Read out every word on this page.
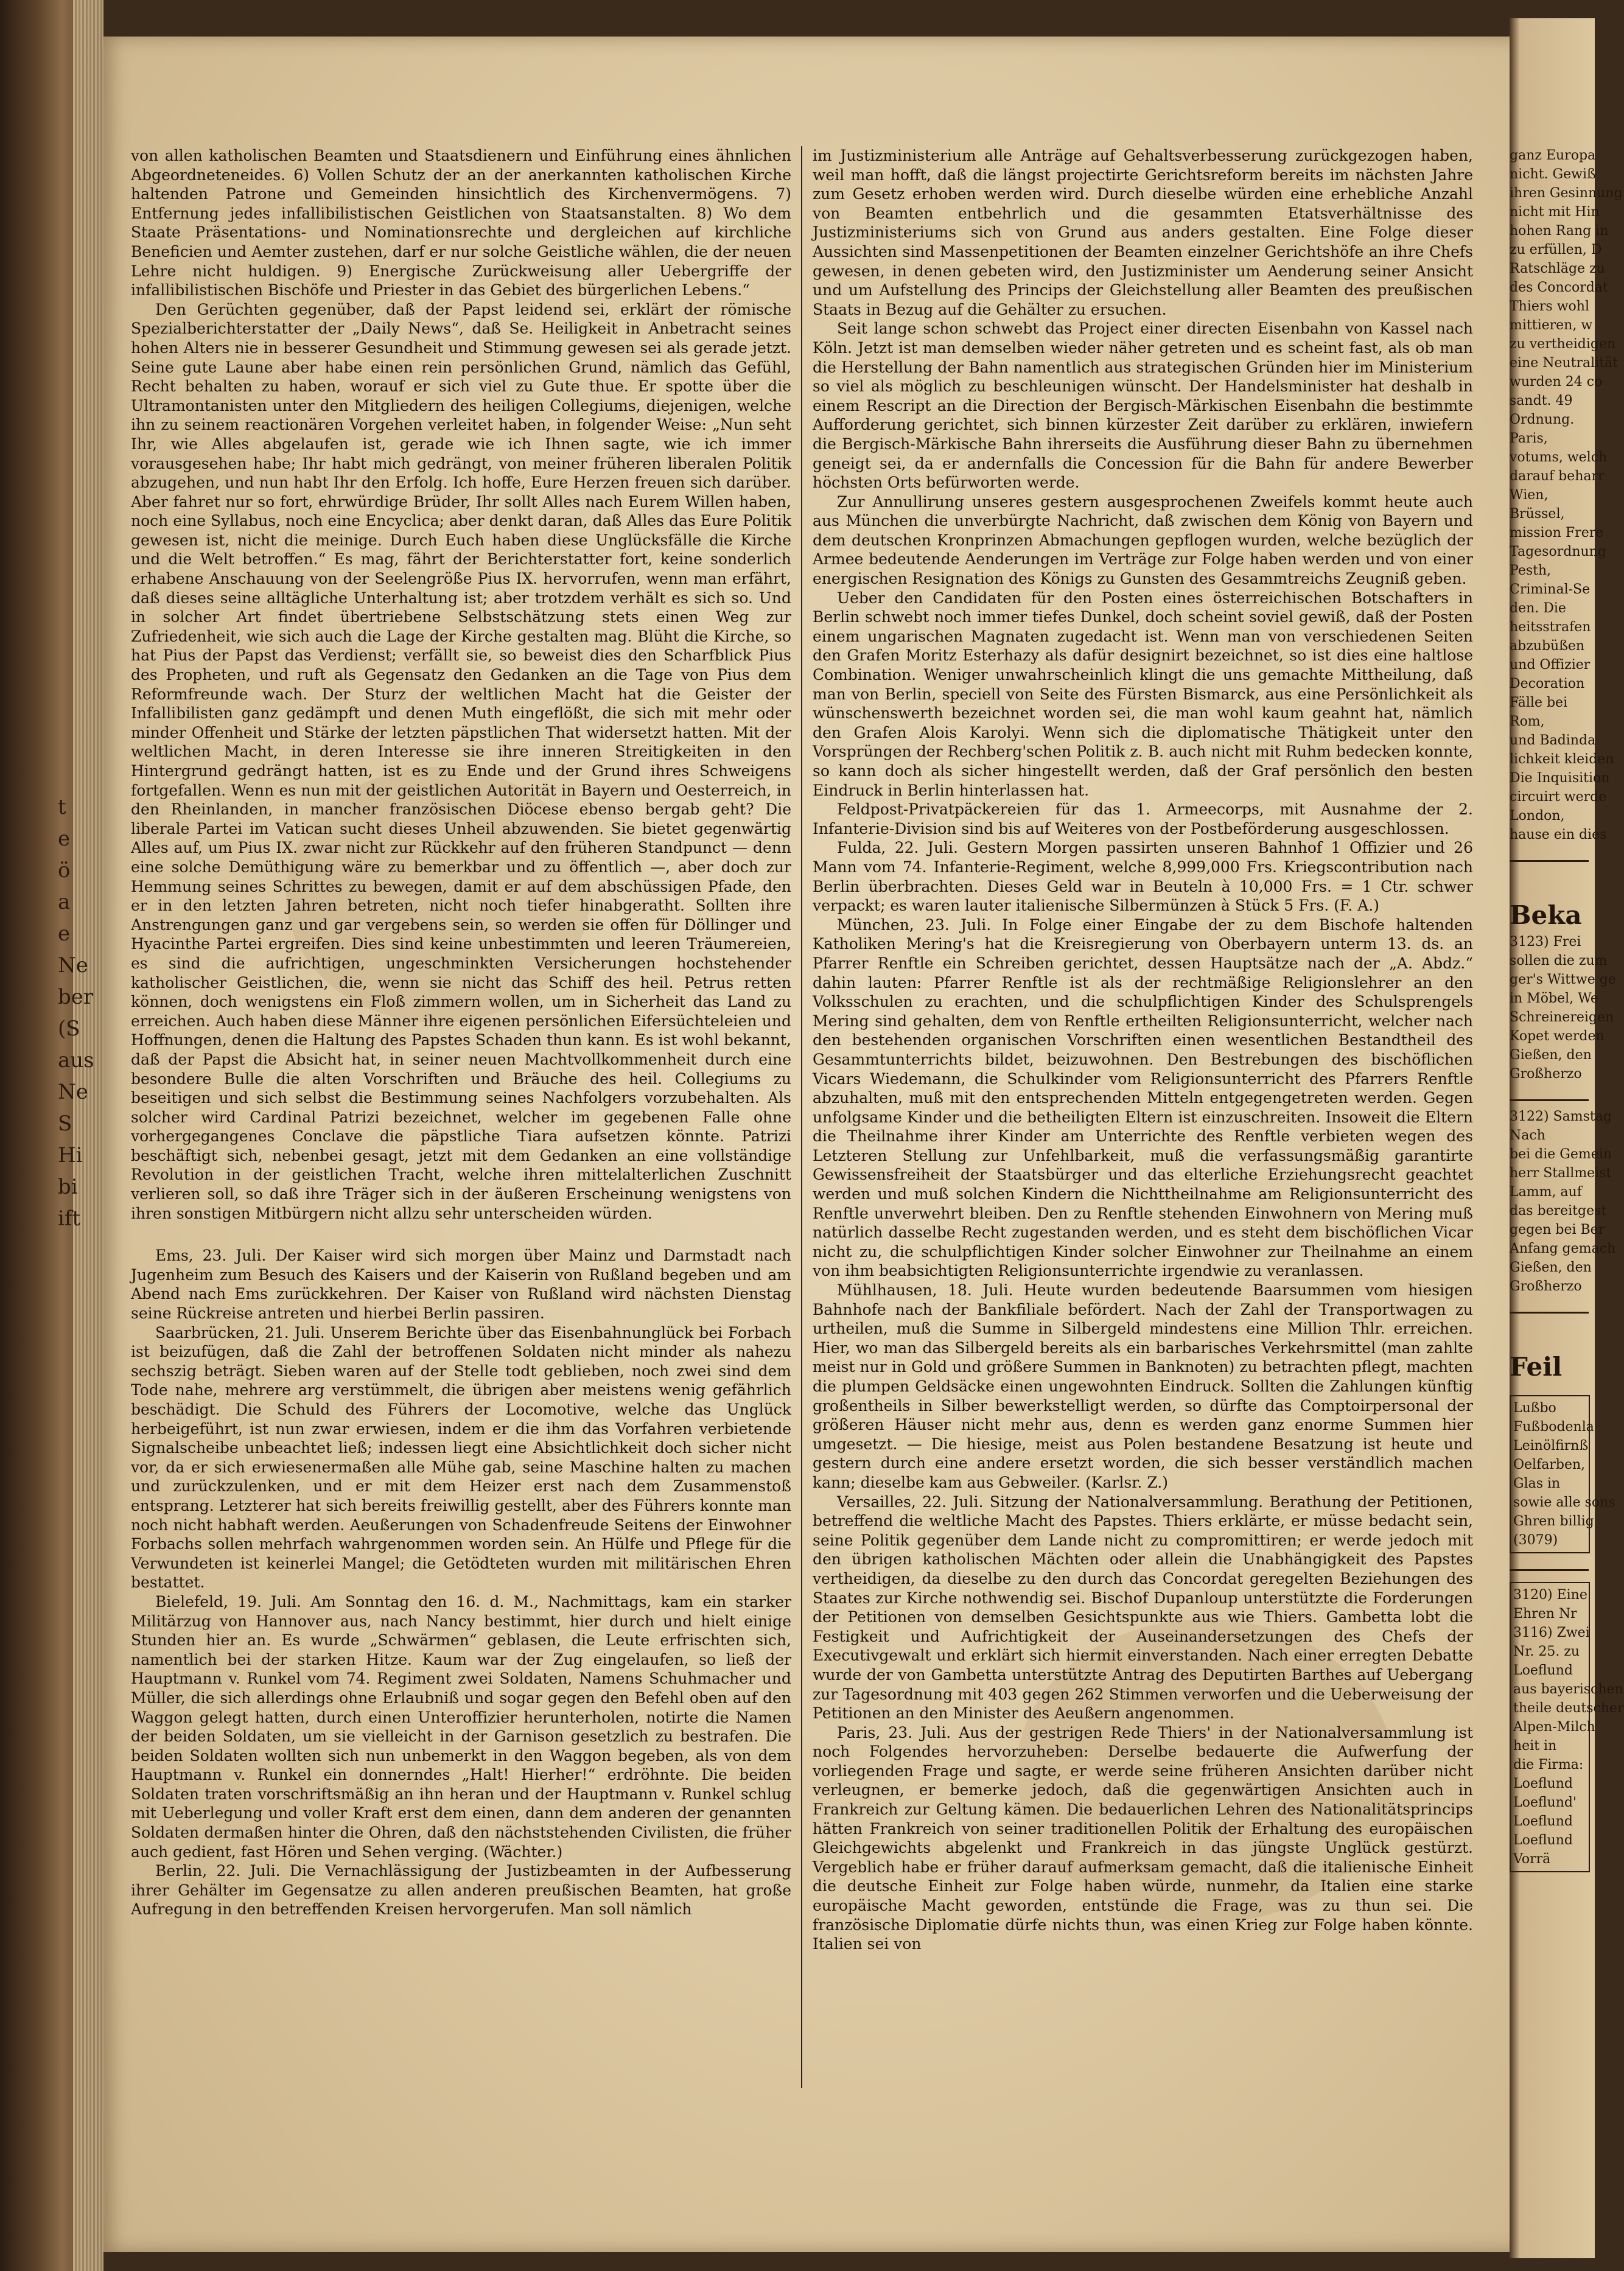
t
e
ö
a
e
Ne
ber
(S
aus
Ne
S
Hi
bi
ift

von allen katholischen Beamten und Staatsdienern und Einführung eines ähnlichen Abgeordneteneides. 6) Vollen Schutz der an der anerkannten katholischen Kirche haltenden Patrone und Gemeinden hinsichtlich des Kirchenvermögens. 7) Entfernung jedes infallibilistischen Geistlichen von Staatsanstalten. 8) Wo dem Staate Präsentations- und Nominationsrechte und dergleichen auf kirchliche Beneficien und Aemter zustehen, darf er nur solche Geistliche wählen, die der neuen Lehre nicht huldigen. 9) Energische Zurückweisung aller Uebergriffe der infallibilistischen Bischöfe und Priester in das Gebiet des bürgerlichen Lebens.“

Den Gerüchten gegenüber, daß der Papst leidend sei, erklärt der römische Spezialberichterstatter der „Daily News“, daß Se. Heiligkeit in Anbetracht seines hohen Alters nie in besserer Gesundheit und Stimmung gewesen sei als gerade jetzt. Seine gute Laune aber habe einen rein persönlichen Grund, nämlich das Gefühl, Recht behalten zu haben, worauf er sich viel zu Gute thue. Er spotte über die Ultramontanisten unter den Mitgliedern des heiligen Collegiums, diejenigen, welche ihn zu seinem reactionären Vorgehen verleitet haben, in folgender Weise: „Nun seht Ihr, wie Alles abgelaufen ist, gerade wie ich Ihnen sagte, wie ich immer vorausgesehen habe; Ihr habt mich gedrängt, von meiner früheren liberalen Politik abzugehen, und nun habt Ihr den Erfolg. Ich hoffe, Eure Herzen freuen sich darüber. Aber fahret nur so fort, ehrwürdige Brüder, Ihr sollt Alles nach Eurem Willen haben, noch eine Syllabus, noch eine Encyclica; aber denkt daran, daß Alles das Eure Politik gewesen ist, nicht die meinige. Durch Euch haben diese Unglücksfälle die Kirche und die Welt betroffen.“ Es mag, fährt der Berichterstatter fort, keine sonderlich erhabene Anschauung von der Seelengröße Pius IX. hervorrufen, wenn man erfährt, daß dieses seine alltägliche Unterhaltung ist; aber trotzdem verhält es sich so. Und in solcher Art findet übertriebene Selbstschätzung stets einen Weg zur Zufriedenheit, wie sich auch die Lage der Kirche gestalten mag. Blüht die Kirche, so hat Pius der Papst das Verdienst; verfällt sie, so beweist dies den Scharfblick Pius des Propheten, und ruft als Gegensatz den Gedanken an die Tage von Pius dem Reformfreunde wach. Der Sturz der weltlichen Macht hat die Geister der Infallibilisten ganz gedämpft und denen Muth eingeflößt, die sich mit mehr oder minder Offenheit und Stärke der letzten päpstlichen That widersetzt hatten. Mit der weltlichen Macht, in deren Interesse sie ihre inneren Streitigkeiten in den Hintergrund gedrängt hatten, ist es zu Ende und der Grund ihres Schweigens fortgefallen. Wenn es nun mit der geistlichen Autorität in Bayern und Oesterreich, in den Rheinlanden, in mancher französischen Diöcese ebenso bergab geht? Die liberale Partei im Vatican sucht dieses Unheil abzuwenden. Sie bietet gegenwärtig Alles auf, um Pius IX. zwar nicht zur Rückkehr auf den früheren Standpunct — denn eine solche Demüthigung wäre zu bemerkbar und zu öffentlich —, aber doch zur Hemmung seines Schrittes zu bewegen, damit er auf dem abschüssigen Pfade, den er in den letzten Jahren betreten, nicht noch tiefer hinabgeratht. Sollten ihre Anstrengungen ganz und gar vergebens sein, so werden sie offen für Döllinger und Hyacinthe Partei ergreifen. Dies sind keine unbestimmten und leeren Träumereien, es sind die aufrichtigen, ungeschminkten Versicherungen hochstehender katholischer Geistlichen, die, wenn sie nicht das Schiff des heil. Petrus retten können, doch wenigstens ein Floß zimmern wollen, um in Sicherheit das Land zu erreichen. Auch haben diese Männer ihre eigenen persönlichen Eifersüchteleien und Hoffnungen, denen die Haltung des Papstes Schaden thun kann. Es ist wohl bekannt, daß der Papst die Absicht hat, in seiner neuen Machtvollkommenheit durch eine besondere Bulle die alten Vorschriften und Bräuche des heil. Collegiums zu beseitigen und sich selbst die Bestimmung seines Nachfolgers vorzubehalten. Als solcher wird Cardinal Patrizi bezeichnet, welcher im gegebenen Falle ohne vorhergegangenes Conclave die päpstliche Tiara aufsetzen könnte. Patrizi beschäftigt sich, nebenbei gesagt, jetzt mit dem Gedanken an eine vollständige Revolution in der geistlichen Tracht, welche ihren mittelalterlichen Zuschnitt verlieren soll, so daß ihre Träger sich in der äußeren Erscheinung wenigstens von ihren sonstigen Mitbürgern nicht allzu sehr unterscheiden würden.

Ems, 23. Juli. Der Kaiser wird sich morgen über Mainz und Darmstadt nach Jugenheim zum Besuch des Kaisers und der Kaiserin von Rußland begeben und am Abend nach Ems zurückkehren. Der Kaiser von Rußland wird nächsten Dienstag seine Rückreise antreten und hierbei Berlin passiren.

Saarbrücken, 21. Juli. Unserem Berichte über das Eisenbahnunglück bei Forbach ist beizufügen, daß die Zahl der betroffenen Soldaten nicht minder als nahezu sechszig beträgt. Sieben waren auf der Stelle todt geblieben, noch zwei sind dem Tode nahe, mehrere arg verstümmelt, die übrigen aber meistens wenig gefährlich beschädigt. Die Schuld des Führers der Locomotive, welche das Unglück herbeigeführt, ist nun zwar erwiesen, indem er die ihm das Vorfahren verbietende Signalscheibe unbeachtet ließ; indessen liegt eine Absichtlichkeit doch sicher nicht vor, da er sich erwiesenermaßen alle Mühe gab, seine Maschine halten zu machen und zurückzulenken, und er mit dem Heizer erst nach dem Zusammenstoß entsprang. Letzterer hat sich bereits freiwillig gestellt, aber des Führers konnte man noch nicht habhaft werden. Aeußerungen von Schadenfreude Seitens der Einwohner Forbachs sollen mehrfach wahrgenommen worden sein. An Hülfe und Pflege für die Verwundeten ist keinerlei Mangel; die Getödteten wurden mit militärischen Ehren bestattet.

Bielefeld, 19. Juli. Am Sonntag den 16. d. M., Nachmittags, kam ein starker Militärzug von Hannover aus, nach Nancy bestimmt, hier durch und hielt einige Stunden hier an. Es wurde „Schwärmen“ geblasen, die Leute erfrischten sich, namentlich bei der starken Hitze. Kaum war der Zug eingelaufen, so ließ der Hauptmann v. Runkel vom 74. Regiment zwei Soldaten, Namens Schuhmacher und Müller, die sich allerdings ohne Erlaubniß und sogar gegen den Befehl oben auf den Waggon gelegt hatten, durch einen Unteroffizier herunterholen, notirte die Namen der beiden Soldaten, um sie vielleicht in der Garnison gesetzlich zu bestrafen. Die beiden Soldaten wollten sich nun unbemerkt in den Waggon begeben, als von dem Hauptmann v. Runkel ein donnerndes „Halt! Hierher!“ erdröhnte. Die beiden Soldaten traten vorschriftsmäßig an ihn heran und der Hauptmann v. Runkel schlug mit Ueberlegung und voller Kraft erst dem einen, dann dem anderen der genannten Soldaten dermaßen hinter die Ohren, daß den nächststehenden Civilisten, die früher auch gedient, fast Hören und Sehen verging. (Wächter.)

Berlin, 22. Juli. Die Vernachlässigung der Justizbeamten in der Aufbesserung ihrer Gehälter im Gegensatze zu allen anderen preußischen Beamten, hat große Aufregung in den betreffenden Kreisen hervorgerufen. Man soll nämlich

im Justizministerium alle Anträge auf Gehaltsverbesserung zurückgezogen haben, weil man hofft, daß die längst projectirte Gerichtsreform bereits im nächsten Jahre zum Gesetz erhoben werden wird. Durch dieselbe würden eine erhebliche Anzahl von Beamten entbehrlich und die gesammten Etatsverhältnisse des Justizministeriums sich von Grund aus anders gestalten. Eine Folge dieser Aussichten sind Massenpetitionen der Beamten einzelner Gerichtshöfe an ihre Chefs gewesen, in denen gebeten wird, den Justizminister um Aenderung seiner Ansicht und um Aufstellung des Princips der Gleichstellung aller Beamten des preußischen Staats in Bezug auf die Gehälter zu ersuchen.

Seit lange schon schwebt das Project einer directen Eisenbahn von Kassel nach Köln. Jetzt ist man demselben wieder näher getreten und es scheint fast, als ob man die Herstellung der Bahn namentlich aus strategischen Gründen hier im Ministerium so viel als möglich zu beschleunigen wünscht. Der Handelsminister hat deshalb in einem Rescript an die Direction der Bergisch-Märkischen Eisenbahn die bestimmte Aufforderung gerichtet, sich binnen kürzester Zeit darüber zu erklären, inwiefern die Bergisch-Märkische Bahn ihrerseits die Ausführung dieser Bahn zu übernehmen geneigt sei, da er andernfalls die Concession für die Bahn für andere Bewerber höchsten Orts befürworten werde.

Zur Annullirung unseres gestern ausgesprochenen Zweifels kommt heute auch aus München die unverbürgte Nachricht, daß zwischen dem König von Bayern und dem deutschen Kronprinzen Abmachungen gepflogen wurden, welche bezüglich der Armee bedeutende Aenderungen im Verträge zur Folge haben werden und von einer energischen Resignation des Königs zu Gunsten des Gesammtreichs Zeugniß geben.

Ueber den Candidaten für den Posten eines österreichischen Botschafters in Berlin schwebt noch immer tiefes Dunkel, doch scheint soviel gewiß, daß der Posten einem ungarischen Magnaten zugedacht ist. Wenn man von verschiedenen Seiten den Grafen Moritz Esterhazy als dafür designirt bezeichnet, so ist dies eine haltlose Combination. Weniger unwahrscheinlich klingt die uns gemachte Mittheilung, daß man von Berlin, speciell von Seite des Fürsten Bismarck, aus eine Persönlichkeit als wünschenswerth bezeichnet worden sei, die man wohl kaum geahnt hat, nämlich den Grafen Alois Karolyi. Wenn sich die diplomatische Thätigkeit unter den Vorsprüngen der Rechberg'schen Politik z. B. auch nicht mit Ruhm bedecken konnte, so kann doch als sicher hingestellt werden, daß der Graf persönlich den besten Eindruck in Berlin hinterlassen hat.

Feldpost-Privatpäckereien für das 1. Armeecorps, mit Ausnahme der 2. Infanterie-Division sind bis auf Weiteres von der Postbeförderung ausgeschlossen.

Fulda, 22. Juli. Gestern Morgen passirten unseren Bahnhof 1 Offizier und 26 Mann vom 74. Infanterie-Regiment, welche 8,999,000 Frs. Kriegscontribution nach Berlin überbrachten. Dieses Geld war in Beuteln à 10,000 Frs. = 1 Ctr. schwer verpackt; es waren lauter italienische Silbermünzen à Stück 5 Frs. (F. A.)

München, 23. Juli. In Folge einer Eingabe der zu dem Bischofe haltenden Katholiken Mering's hat die Kreisregierung von Oberbayern unterm 13. ds. an Pfarrer Renftle ein Schreiben gerichtet, dessen Hauptsätze nach der „A. Abdz.“ dahin lauten: Pfarrer Renftle ist als der rechtmäßige Religionslehrer an den Volksschulen zu erachten, und die schulpflichtigen Kinder des Schulsprengels Mering sind gehalten, dem von Renftle ertheilten Religionsunterricht, welcher nach den bestehenden organischen Vorschriften einen wesentlichen Bestandtheil des Gesammtunterrichts bildet, beizuwohnen. Den Bestrebungen des bischöflichen Vicars Wiedemann, die Schulkinder vom Religionsunterricht des Pfarrers Renftle abzuhalten, muß mit den entsprechenden Mitteln entgegengetreten werden. Gegen unfolgsame Kinder und die betheiligten Eltern ist einzuschreiten. Insoweit die Eltern die Theilnahme ihrer Kinder am Unterrichte des Renftle verbieten wegen des Letzteren Stellung zur Unfehlbarkeit, muß die verfassungsmäßig garantirte Gewissensfreiheit der Staatsbürger und das elterliche Erziehungsrecht geachtet werden und muß solchen Kindern die Nichttheilnahme am Religionsunterricht des Renftle unverwehrt bleiben. Den zu Renftle stehenden Einwohnern von Mering muß natürlich dasselbe Recht zugestanden werden, und es steht dem bischöflichen Vicar nicht zu, die schulpflichtigen Kinder solcher Einwohner zur Theilnahme an einem von ihm beabsichtigten Religionsunterrichte irgendwie zu veranlassen.

Mühlhausen, 18. Juli. Heute wurden bedeutende Baarsummen vom hiesigen Bahnhofe nach der Bankfiliale befördert. Nach der Zahl der Transportwagen zu urtheilen, muß die Summe in Silbergeld mindestens eine Million Thlr. erreichen. Hier, wo man das Silbergeld bereits als ein barbarisches Verkehrsmittel (man zahlte meist nur in Gold und größere Summen in Banknoten) zu betrachten pflegt, machten die plumpen Geldsäcke einen ungewohnten Eindruck. Sollten die Zahlungen künftig großentheils in Silber bewerkstelligt werden, so dürfte das Comptoirpersonal der größeren Häuser nicht mehr aus, denn es werden ganz enorme Summen hier umgesetzt. — Die hiesige, meist aus Polen bestandene Besatzung ist heute und gestern durch eine andere ersetzt worden, die sich besser verständlich machen kann; dieselbe kam aus Gebweiler. (Karlsr. Z.)

Versailles, 22. Juli. Sitzung der Nationalversammlung. Berathung der Petitionen, betreffend die weltliche Macht des Papstes. Thiers erklärte, er müsse bedacht sein, seine Politik gegenüber dem Lande nicht zu compromittiren; er werde jedoch mit den übrigen katholischen Mächten oder allein die Unabhängigkeit des Papstes vertheidigen, da dieselbe zu den durch das Concordat geregelten Beziehungen des Staates zur Kirche nothwendig sei. Bischof Dupanloup unterstützte die Forderungen der Petitionen von demselben Gesichtspunkte aus wie Thiers. Gambetta lobt die Festigkeit und Aufrichtigkeit der Auseinandersetzungen des Chefs der Executivgewalt und erklärt sich hiermit einverstanden. Nach einer erregten Debatte wurde der von Gambetta unterstützte Antrag des Deputirten Barthes auf Uebergang zur Tagesordnung mit 403 gegen 262 Stimmen verworfen und die Ueberweisung der Petitionen an den Minister des Aeußern angenommen.

Paris, 23. Juli. Aus der gestrigen Rede Thiers' in der Nationalversammlung ist noch Folgendes hervorzuheben: Derselbe bedauerte die Aufwerfung der vorliegenden Frage und sagte, er werde seine früheren Ansichten darüber nicht verleugnen, er bemerke jedoch, daß die gegenwärtigen Ansichten auch in Frankreich zur Geltung kämen. Die bedauerlichen Lehren des Nationalitätsprincips hätten Frankreich von seiner traditionellen Politik der Erhaltung des europäischen Gleichgewichts abgelenkt und Frankreich in das jüngste Unglück gestürzt. Vergeblich habe er früher darauf aufmerksam gemacht, daß die italienische Einheit die deutsche Einheit zur Folge haben würde, nunmehr, da Italien eine starke europäische Macht geworden, entstünde die Frage, was zu thun sei. Die französische Diplomatie dürfe nichts thun, was einen Krieg zur Folge haben könnte. Italien sei von

ganz Europa
nicht. Gewiß
ihren Gesinnung
nicht mit Hin
hohen Rang in
zu erfüllen, D
Ratschläge zu
des Concordat
Thiers wohl
mittieren, w
zu vertheidigen
eine Neutralität
wurden 24 co
sandt. 49
Ordnung.
Paris,
votums, welch
darauf beharr
Wien,
Brüssel,
mission Frere
Tagesordnung
Pesth,
Criminal-Se
den. Die
heitsstrafen
abzubüßen
und Offizier
Decoration
Fälle bei
Rom,
und Badinda
lichkeit kleiden
Die Inquisition
circuirt werde
London,
hause ein dies
Beka
3123) Frei
sollen die zum
ger's Wittwe ge
in Möbel, We
Schreinereigen
Kopet werden
Gießen, den
Großherzo
3122) Samstag
Nach
bei die Gemein
herr Stallmeist
Lamm, auf
das bereitgest
gegen bei Ber
Anfang gemach
Gießen, den
Großherzo
Feil
Lußbo
Fußbodenla
Leinölfirnß
Oelfarben,
Glas in
sowie alle sons
Ghren billig
(3079)
3120) Eine
Ehren Nr
3116) Zwei
Nr. 25. zu
Loeflund
aus bayerischen
theile deutscher
Alpen-Milch
heit in
die Firma:
Loeflund
Loeflund'
Loeflund
Loeflund
Vorrä
